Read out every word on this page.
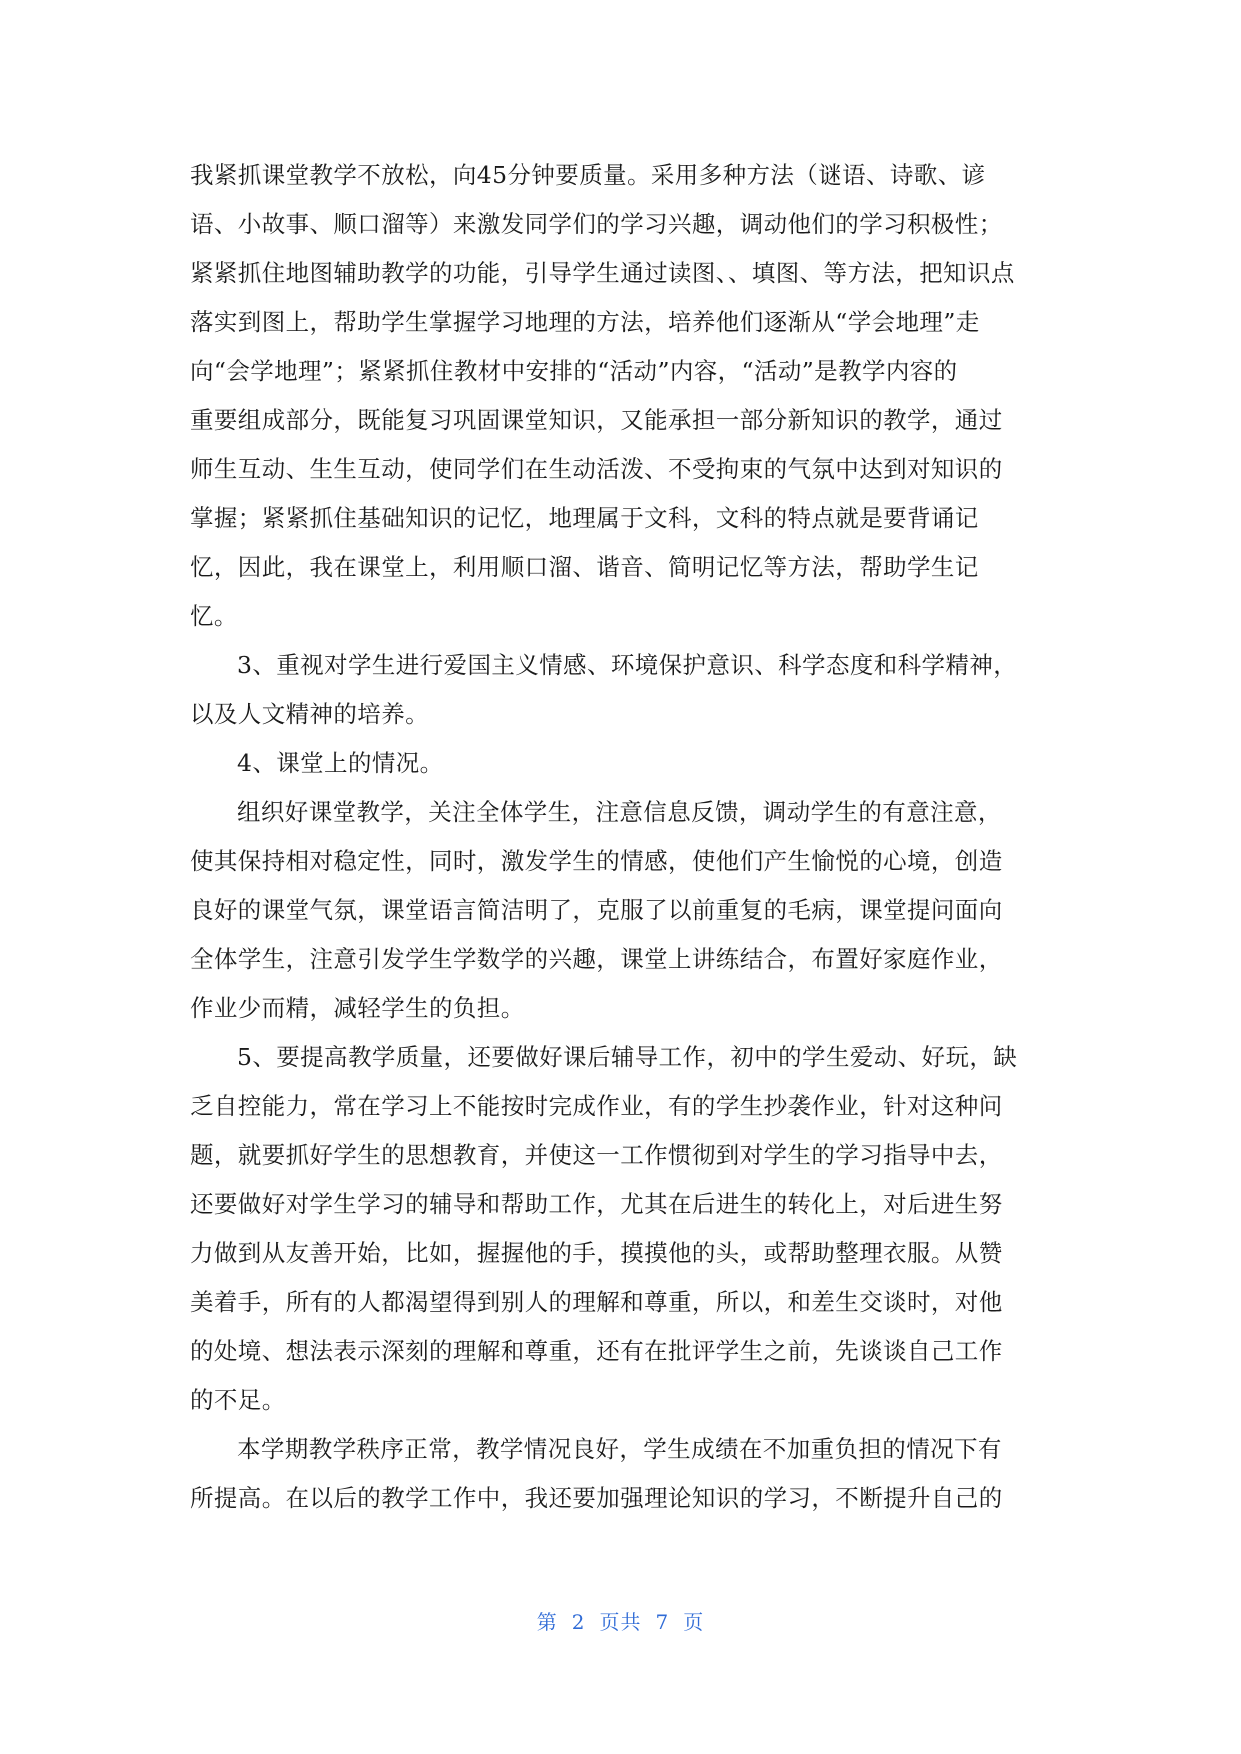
我紧抓课堂教学不放松，向45分钟要质量。采用多种方法（谜语、诗歌、谚
语、小故事、顺口溜等）来激发同学们的学习兴趣，调动他们的学习积极性；
紧紧抓住地图辅助教学的功能，引导学生通过读图、、填图、等方法，把知识点
落实到图上，帮助学生掌握学习地理的方法，培养他们逐渐从“学会地理”走
向“会学地理”；紧紧抓住教材中安排的“活动”内容，“活动”是教学内容的
重要组成部分，既能复习巩固课堂知识，又能承担一部分新知识的教学，通过
师生互动、生生互动，使同学们在生动活泼、不受拘束的气氛中达到对知识的
掌握；紧紧抓住基础知识的记忆，地理属于文科，文科的特点就是要背诵记
忆，因此，我在课堂上，利用顺口溜、谐音、简明记忆等方法，帮助学生记
忆。
3、重视对学生进行爱国主义情感、环境保护意识、科学态度和科学精神，
以及人文精神的培养。
4、课堂上的情况。
组织好课堂教学，关注全体学生，注意信息反馈，调动学生的有意注意，
使其保持相对稳定性，同时，激发学生的情感，使他们产生愉悦的心境，创造
良好的课堂气氛，课堂语言简洁明了，克服了以前重复的毛病，课堂提问面向
全体学生，注意引发学生学数学的兴趣，课堂上讲练结合，布置好家庭作业，
作业少而精，减轻学生的负担。
5、要提高教学质量，还要做好课后辅导工作，初中的学生爱动、好玩，缺
乏自控能力，常在学习上不能按时完成作业，有的学生抄袭作业，针对这种问
题，就要抓好学生的思想教育，并使这一工作惯彻到对学生的学习指导中去，
还要做好对学生学习的辅导和帮助工作，尤其在后进生的转化上，对后进生努
力做到从友善开始，比如，握握他的手，摸摸他的头，或帮助整理衣服。从赞
美着手，所有的人都渴望得到别人的理解和尊重，所以，和差生交谈时，对他
的处境、想法表示深刻的理解和尊重，还有在批评学生之前，先谈谈自己工作
的不足。
本学期教学秩序正常，教学情况良好，学生成绩在不加重负担的情况下有
所提高。在以后的教学工作中，我还要加强理论知识的学习，不断提升自己的
第 2 页共 7 页
